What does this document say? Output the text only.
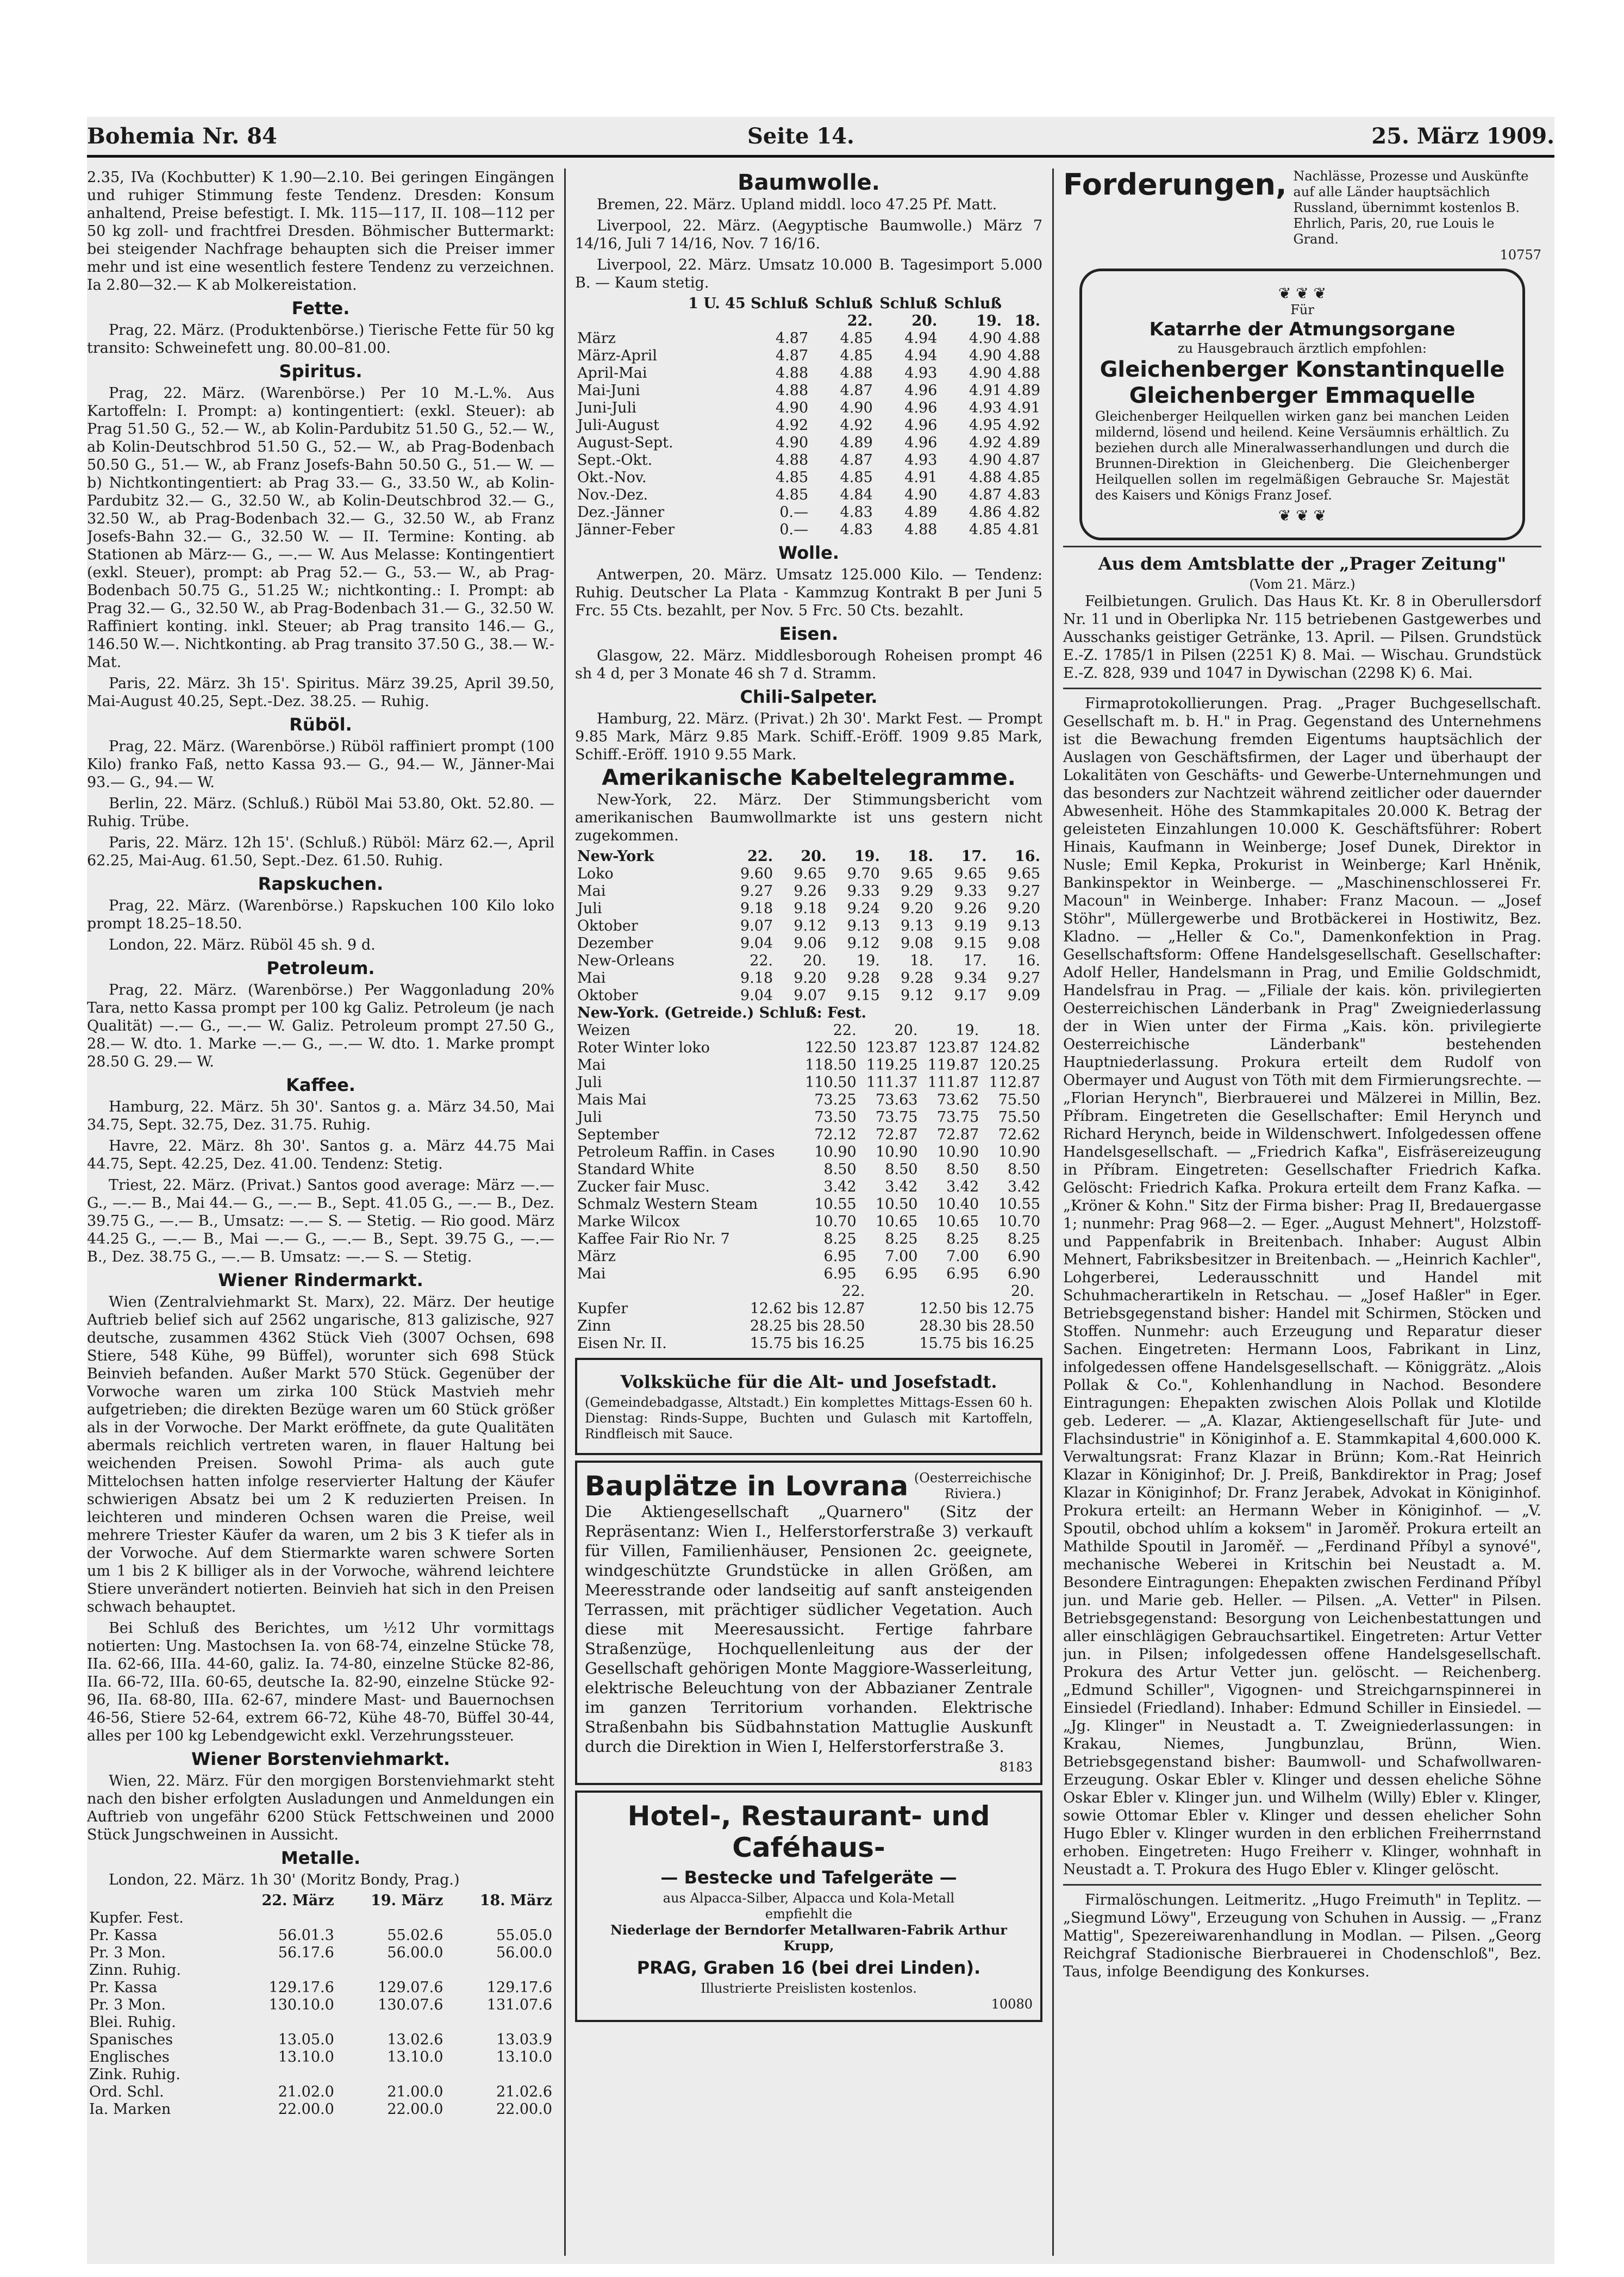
Bohemia Nr. 84	Seite 14.	25. März 1909.

2.35, IVa (Kochbutter) K 1.90—2.10. Bei geringen Eingängen und ruhiger Stimmung feste Tendenz. Dresden: Konsum anhaltend, Preise befestigt. I. Mk. 115—117, II. 108—112 per 50 kg zoll- und frachtfrei Dresden. Böhmischer Buttermarkt: bei steigender Nachfrage behaupten sich die Preiser immer mehr und ist eine wesentlich festere Tendenz zu verzeichnen. Ia 2.80—32.— K ab Molkereistation.

Fette.

Prag, 22. März. (Produktenbörse.) Tierische Fette für 50 kg transito: Schweinefett ung. 80.00–81.00.

Spiritus.

Prag, 22. März. (Warenbörse.) Per 10 M.-L.%. Aus Kartoffeln: I. Prompt: a) kontingentiert: (exkl. Steuer): ab Prag 51.50 G., 52.— W., ab Kolin-Pardubitz 51.50 G., 52.— W., ab Kolin-Deutschbrod 51.50 G., 52.— W., ab Prag-Bodenbach 50.50 G., 51.— W., ab Franz Josefs-Bahn 50.50 G., 51.— W. — b) Nichtkontingentiert: ab Prag 33.— G., 33.50 W., ab Kolin-Pardubitz 32.— G., 32.50 W., ab Kolin-Deutschbrod 32.— G., 32.50 W., ab Prag-Bodenbach 32.— G., 32.50 W., ab Franz Josefs-Bahn 32.— G., 32.50 W. — II. Termine: Konting. ab Stationen ab März-— G., —.— W. Aus Melasse: Kontingentiert (exkl. Steuer), prompt: ab Prag 52.— G., 53.— W., ab Prag-Bodenbach 50.75 G., 51.25 W.; nichtkonting.: I. Prompt: ab Prag 32.— G., 32.50 W., ab Prag-Bodenbach 31.— G., 32.50 W. Raffiniert konting. inkl. Steuer; ab Prag transito 146.— G., 146.50 W.—. Nichtkonting. ab Prag transito 37.50 G., 38.— W.-Mat.

Paris, 22. März. 3h 15'. Spiritus. März 39.25, April 39.50, Mai-August 40.25, Sept.-Dez. 38.25. — Ruhig.

Rüböl.

Prag, 22. März. (Warenbörse.) Rüböl raffiniert prompt (100 Kilo) franko Faß, netto Kassa 93.— G., 94.— W., Jänner-Mai 93.— G., 94.— W.

Berlin, 22. März. (Schluß.) Rüböl Mai 53.80, Okt. 52.80. — Ruhig. Trübe.

Paris, 22. März. 12h 15'. (Schluß.) Rüböl: März 62.—, April 62.25, Mai-Aug. 61.50, Sept.-Dez. 61.50. Ruhig.

Rapskuchen.

Prag, 22. März. (Warenbörse.) Rapskuchen 100 Kilo loko prompt 18.25–18.50.

London, 22. März. Rüböl 45 sh. 9 d.

Petroleum.

Prag, 22. März. (Warenbörse.) Per Waggonladung 20% Tara, netto Kassa prompt per 100 kg Galiz. Petroleum (je nach Qualität) —.— G., —.— W. Galiz. Petroleum prompt 27.50 G., 28.— W. dto. 1. Marke —.— G., —.— W. dto. 1. Marke prompt 28.50 G. 29.— W.

Kaffee.

Hamburg, 22. März. 5h 30'. Santos g. a. März 34.50, Mai 34.75, Sept. 32.75, Dez. 31.75. Ruhig.

Havre, 22. März. 8h 30'. Santos g. a. März 44.75 Mai 44.75, Sept. 42.25, Dez. 41.00. Tendenz: Stetig.

Triest, 22. März. (Privat.) Santos good average: März —.— G., —.— B., Mai 44.— G., —.— B., Sept. 41.05 G., —.— B., Dez. 39.75 G., —.— B., Umsatz: —.— S. — Stetig. — Rio good. März 44.25 G., —.— B., Mai —.— G., —.— B., Sept. 39.75 G., —.— B., Dez. 38.75 G., —.— B. Umsatz: —.— S. — Stetig.

Wiener Rindermarkt.

Wien (Zentralviehmarkt St. Marx), 22. März. Der heutige Auftrieb belief sich auf 2562 ungarische, 813 galizische, 927 deutsche, zusammen 4362 Stück Vieh (3007 Ochsen, 698 Stiere, 548 Kühe, 99 Büffel), worunter sich 698 Stück Beinvieh befanden. Außer Markt 570 Stück. Gegenüber der Vorwoche waren um zirka 100 Stück Mastvieh mehr aufgetrieben; die direkten Bezüge waren um 60 Stück größer als in der Vorwoche. Der Markt eröffnete, da gute Qualitäten abermals reichlich vertreten waren, in flauer Haltung bei weichenden Preisen. Sowohl Prima- als auch gute Mittelochsen hatten infolge reservierter Haltung der Käufer schwierigen Absatz bei um 2 K reduzierten Preisen. In leichteren und minderen Ochsen waren die Preise, weil mehrere Triester Käufer da waren, um 2 bis 3 K tiefer als in der Vorwoche. Auf dem Stiermarkte waren schwere Sorten um 1 bis 2 K billiger als in der Vorwoche, während leichtere Stiere unverändert notierten. Beinvieh hat sich in den Preisen schwach behauptet.

Bei Schluß des Berichtes, um ½12 Uhr vormittags notierten: Ung. Mastochsen Ia. von 68-74, einzelne Stücke 78, IIa. 62-66, IIIa. 44-60, galiz. Ia. 74-80, einzelne Stücke 82-86, IIa. 66-72, IIIa. 60-65, deutsche Ia. 82-90, einzelne Stücke 92-96, IIa. 68-80, IIIa. 62-67, mindere Mast- und Bauernochsen 46-56, Stiere 52-64, extrem 66-72, Kühe 48-70, Büffel 30-44, alles per 100 kg Lebendgewicht exkl. Verzehrungssteuer.

Wiener Borstenviehmarkt.

Wien, 22. März. Für den morgigen Borstenviehmarkt steht nach den bisher erfolgten Ausladungen und Anmeldungen ein Auftrieb von ungefähr 6200 Stück Fettschweinen und 2000 Stück Jungschweinen in Aussicht.

Metalle.

London, 22. März. 1h 30' (Moritz Bondy, Prag.)

	22. März	19. März	18. März
Kupfer. Fest.			
Pr. Kassa	56.01.3	55.02.6	55.05.0
Pr. 3 Mon.	56.17.6	56.00.0	56.00.0
Zinn. Ruhig.			
Pr. Kassa	129.17.6	129.07.6	129.17.6
Pr. 3 Mon.	130.10.0	130.07.6	131.07.6
Blei. Ruhig.			
Spanisches	13.05.0	13.02.6	13.03.9
Englisches	13.10.0	13.10.0	13.10.0
Zink. Ruhig.			
Ord. Schl.	21.02.0	21.00.0	21.02.6
Ia. Marken	22.00.0	22.00.0	22.00.0
Baumwolle.

Bremen, 22. März. Upland middl. loco 47.25 Pf. Matt.

Liverpool, 22. März. (Aegyptische Baumwolle.) März 7 14/16, Juli 7 14/16, Nov. 7 16/16.

Liverpool, 22. März. Umsatz 10.000 B. Tagesimport 5.000 B. — Kaum stetig.

	1 U. 45 Schluß	Schluß	Schluß	Schluß	
		22.	20.	19.	18.
März	4.87	4.85	4.94	4.90	4.88
März-April	4.87	4.85	4.94	4.90	4.88
April-Mai	4.88	4.88	4.93	4.90	4.88
Mai-Juni	4.88	4.87	4.96	4.91	4.89
Juni-Juli	4.90	4.90	4.96	4.93	4.91
Juli-August	4.92	4.92	4.96	4.95	4.92
August-Sept.	4.90	4.89	4.96	4.92	4.89
Sept.-Okt.	4.88	4.87	4.93	4.90	4.87
Okt.-Nov.	4.85	4.85	4.91	4.88	4.85
Nov.-Dez.	4.85	4.84	4.90	4.87	4.83
Dez.-Jänner	0.—	4.83	4.89	4.86	4.82
Jänner-Feber	0.—	4.83	4.88	4.85	4.81
Wolle.

Antwerpen, 20. März. Umsatz 125.000 Kilo. — Tendenz: Ruhig. Deutscher La Plata - Kammzug Kontrakt B per Juni 5 Frc. 55 Cts. bezahlt, per Nov. 5 Frc. 50 Cts. bezahlt.

Eisen.

Glasgow, 22. März. Middlesborough Roheisen prompt 46 sh 4 d, per 3 Monate 46 sh 7 d. Stramm.

Chili-Salpeter.

Hamburg, 22. März. (Privat.) 2h 30'. Markt Fest. — Prompt 9.85 Mark, März 9.85 Mark. Schiff.-Eröff. 1909 9.85 Mark, Schiff.-Eröff. 1910 9.55 Mark.

Amerikanische Kabeltelegramme.

New-York, 22. März. Der Stimmungsbericht vom amerikanischen Baumwollmarkte ist uns gestern nicht zugekommen.

New-York	22.	20.	19.	18.	17.	16.
Loko	9.60	9.65	9.70	9.65	9.65	9.65
Mai	9.27	9.26	9.33	9.29	9.33	9.27
Juli	9.18	9.18	9.24	9.20	9.26	9.20
Oktober	9.07	9.12	9.13	9.13	9.19	9.13
Dezember	9.04	9.06	9.12	9.08	9.15	9.08
New-Orleans	22.	20.	19.	18.	17.	16.
Mai	9.18	9.20	9.28	9.28	9.34	9.27
Oktober	9.04	9.07	9.15	9.12	9.17	9.09
New-York. (Getreide.) Schluß: Fest.				
Weizen	22.	20.	19.	18.
Roter Winter loko	122.50	123.87	123.87	124.82
Mai	118.50	119.25	119.87	120.25
Juli	110.50	111.37	111.87	112.87
Mais Mai	73.25	73.63	73.62	75.50
Juli	73.50	73.75	73.75	75.50
September	72.12	72.87	72.87	72.62
Petroleum Raffin. in Cases	10.90	10.90	10.90	10.90
Standard White	8.50	8.50	8.50	8.50
Zucker fair Musc.	3.42	3.42	3.42	3.42
Schmalz Western Steam	10.55	10.50	10.40	10.55
Marke Wilcox	10.70	10.65	10.65	10.70
Kaffee Fair Rio Nr. 7	8.25	8.25	8.25	8.25
März	6.95	7.00	7.00	6.90
Mai	6.95	6.95	6.95	6.90
	22.		20.	
Kupfer	12.62 bis 12.87		12.50 bis 12.75	
Zinn	28.25 bis 28.50		28.30 bis 28.50	
Eisen Nr. II.	15.75 bis 16.25		15.75 bis 16.25	
Volksküche für die Alt- und Josefstadt.

(Gemeindebadgasse, Altstadt.) Ein komplettes Mittags-Essen 60 h. Dienstag: Rinds-Suppe, Buchten und Gulasch mit Kartoffeln, Rindfleisch mit Sauce.

Bauplätze in Lovrana (Oesterreichische Riviera.)

Die Aktiengesellschaft „Quarnero" (Sitz der Repräsentanz: Wien I., Helferstorferstraße 3) verkauft für Villen, Familienhäuser, Pensionen 2c. geeignete, windgeschützte Grundstücke in allen Größen, am Meeresstrande oder landseitig auf sanft ansteigenden Terrassen, mit prächtiger südlicher Vegetation. Auch diese mit Meeresaussicht. Fertige fahrbare Straßenzüge, Hochquellenleitung aus der der Gesellschaft gehörigen Monte Maggiore-Wasserleitung, elektrische Beleuchtung von der Abbazianer Zentrale im ganzen Territorium vorhanden. Elektrische Straßenbahn bis Südbahnstation Mattuglie Auskunft durch die Direktion in Wien I, Helferstorferstraße 3.

8183
Hotel-, Restaurant- und Caféhaus-
— Bestecke und Tafelgeräte —
aus Alpacca-Silber, Alpacca und Kola-Metall
empfiehlt die
Niederlage der Berndorfer Metallwaren-Fabrik Arthur Krupp,
PRAG, Graben 16 (bei drei Linden).
Illustrierte Preislisten kostenlos.
10080
Forderungen, Nachlässe, Prozesse und Auskünfte auf alle Länder hauptsächlich Russland, übernimmt kostenlos B. Ehrlich, Paris, 20, rue Louis le Grand.
10757
❦ ❦ ❦
Für
Katarrhe der Atmungsorgane
zu Hausgebrauch ärztlich empfohlen:
Gleichenberger Konstantinquelle
Gleichenberger Emmaquelle

Gleichenberger Heilquellen wirken ganz bei manchen Leiden mildernd, lösend und heilend. Keine Versäumnis erhältlich. Zu beziehen durch alle Mineralwasserhandlungen und durch die Brunnen-Direktion in Gleichenberg. Die Gleichenberger Heilquellen sollen im regelmäßigen Gebrauche Sr. Majestät des Kaisers und Königs Franz Josef.

❦ ❦ ❦
Aus dem Amtsblatte der „Prager Zeitung"
(Vom 21. März.)

Feilbietungen. Grulich. Das Haus Kt. Kr. 8 in Oberullersdorf Nr. 11 und in Oberlipka Nr. 115 betriebenen Gastgewerbes und Ausschanks geistiger Getränke, 13. April. — Pilsen. Grundstück E.-Z. 1785/1 in Pilsen (2251 K) 8. Mai. — Wischau. Grundstück E.-Z. 828, 939 und 1047 in Dywischan (2298 K) 6. Mai.

Firmaprotokollierungen. Prag. „Prager Buchgesellschaft. Gesellschaft m. b. H." in Prag. Gegenstand des Unternehmens ist die Bewachung fremden Eigentums hauptsächlich der Auslagen von Geschäftsfirmen, der Lager und überhaupt der Lokalitäten von Geschäfts- und Gewerbe-Unternehmungen und das besonders zur Nachtzeit während zeitlicher oder dauernder Abwesenheit. Höhe des Stammkapitales 20.000 K. Betrag der geleisteten Einzahlungen 10.000 K. Geschäftsführer: Robert Hinais, Kaufmann in Weinberge; Josef Dunek, Direktor in Nusle; Emil Kepka, Prokurist in Weinberge; Karl Hněnik, Bankinspektor in Weinberge. — „Maschinenschlosserei Fr. Macoun" in Weinberge. Inhaber: Franz Macoun. — „Josef Stöhr", Müllergewerbe und Brotbäckerei in Hostiwitz, Bez. Kladno. — „Heller & Co.", Damenkonfektion in Prag. Gesellschaftsform: Offene Handelsgesellschaft. Gesellschafter: Adolf Heller, Handelsmann in Prag, und Emilie Goldschmidt, Handelsfrau in Prag. — „Filiale der kais. kön. privilegierten Oesterreichischen Länderbank in Prag" Zweigniederlassung der in Wien unter der Firma „Kais. kön. privilegierte Oesterreichische Länderbank" bestehenden Hauptniederlassung. Prokura erteilt dem Rudolf von Obermayer und August von Töth mit dem Firmierungsrechte. — „Florian Herynch", Bierbrauerei und Mälzerei in Millin, Bez. Příbram. Eingetreten die Gesellschafter: Emil Herynch und Richard Herynch, beide in Wildenschwert. Infolgedessen offene Handelsgesellschaft. — „Friedrich Kafka", Eisfräsereizeugung in Příbram. Eingetreten: Gesellschafter Friedrich Kafka. Gelöscht: Friedrich Kafka. Prokura erteilt dem Franz Kafka. — „Kröner & Kohn." Sitz der Firma bisher: Prag II, Bredauergasse 1; nunmehr: Prag 968—2. — Eger. „August Mehnert", Holzstoff- und Pappenfabrik in Breitenbach. Inhaber: August Albin Mehnert, Fabriksbesitzer in Breitenbach. — „Heinrich Kachler", Lohgerberei, Lederausschnitt und Handel mit Schuhmacherartikeln in Retschau. — „Josef Haßler" in Eger. Betriebsgegenstand bisher: Handel mit Schirmen, Stöcken und Stoffen. Nunmehr: auch Erzeugung und Reparatur dieser Sachen. Eingetreten: Hermann Loos, Fabrikant in Linz, infolgedessen offene Handelsgesellschaft. — Königgrätz. „Alois Pollak & Co.", Kohlenhandlung in Nachod. Besondere Eintragungen: Ehepakten zwischen Alois Pollak und Klotilde geb. Lederer. — „A. Klazar, Aktiengesellschaft für Jute- und Flachsindustrie" in Königinhof a. E. Stammkapital 4,600.000 K. Verwaltungsrat: Franz Klazar in Brünn; Kom.-Rat Heinrich Klazar in Königinhof; Dr. J. Preiß, Bankdirektor in Prag; Josef Klazar in Königinhof; Dr. Franz Jerabek, Advokat in Königinhof. Prokura erteilt: an Hermann Weber in Königinhof. — „V. Spoutil, obchod uhlím a koksem" in Jaroměř. Prokura erteilt an Mathilde Spoutil in Jaroměř. — „Ferdinand Příbyl a synové", mechanische Weberei in Kritschin bei Neustadt a. M. Besondere Eintragungen: Ehepakten zwischen Ferdinand Příbyl jun. und Marie geb. Heller. — Pilsen. „A. Vetter" in Pilsen. Betriebsgegenstand: Besorgung von Leichenbestattungen und aller einschlägigen Gebrauchsartikel. Eingetreten: Artur Vetter jun. in Pilsen; infolgedessen offene Handelsgesellschaft. Prokura des Artur Vetter jun. gelöscht. — Reichenberg. „Edmund Schiller", Vigognen- und Streichgarnspinnerei in Einsiedel (Friedland). Inhaber: Edmund Schiller in Einsiedel. — „Jg. Klinger" in Neustadt a. T. Zweigniederlassungen: in Krakau, Niemes, Jungbunzlau, Brünn, Wien. Betriebsgegenstand bisher: Baumwoll- und Schafwollwaren-Erzeugung. Oskar Ebler v. Klinger und dessen eheliche Söhne Oskar Ebler v. Klinger jun. und Wilhelm (Willy) Ebler v. Klinger, sowie Ottomar Ebler v. Klinger und dessen ehelicher Sohn Hugo Ebler v. Klinger wurden in den erblichen Freiherrnstand erhoben. Eingetreten: Hugo Freiherr v. Klinger, wohnhaft in Neustadt a. T. Prokura des Hugo Ebler v. Klinger gelöscht.

Firmalöschungen. Leitmeritz. „Hugo Freimuth" in Teplitz. — „Siegmund Löwy", Erzeugung von Schuhen in Aussig. — „Franz Mattig", Spezereiwarenhandlung in Modlan. — Pilsen. „Georg Reichgraf Stadionische Bierbrauerei in Chodenschloß", Bez. Taus, infolge Beendigung des Konkurses.
